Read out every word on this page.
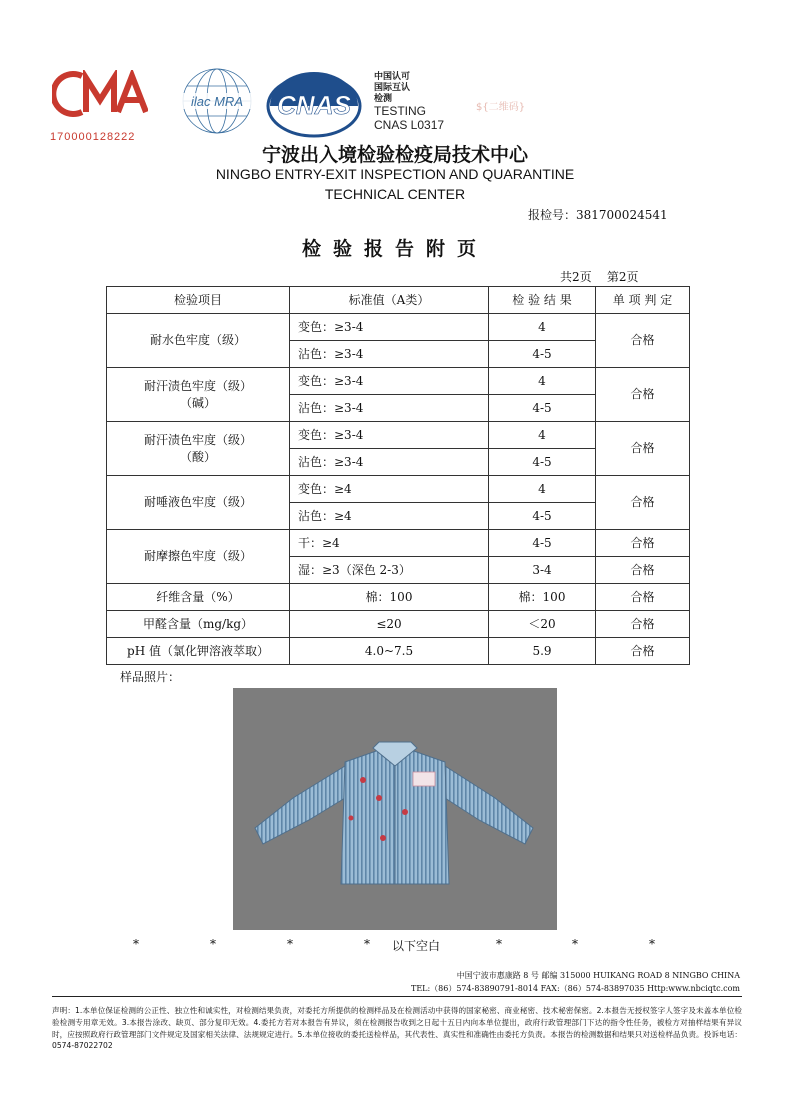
170000128222
ilac MRA CNAS
中国认可
国际互认
检测
TESTING
CNAS L0317
${二维码}
宁波出入境检验检疫局技术中心
NINGBO ENTRY-EXIT INSPECTION AND QUARANTINE
TECHNICAL CENTER
报检号：381700024541
检验报告附页
共2页    第2页
检验项目	标准值（A类）	检 验 结 果	单 项 判 定
耐水色牢度（级）	变色：≥3-4	4	合格
	沾色：≥3-4	4-5	
耐汗渍色牢度（级）
（碱）	变色：≥3-4	4	合格
	沾色：≥3-4	4-5	
耐汗渍色牢度（级）
（酸）	变色：≥3-4	4	合格
	沾色：≥3-4	4-5	
耐唾液色牢度（级）	变色：≥4	4	合格
	沾色：≥4	4-5	
耐摩擦色牢度（级）	干：≥4	4-5	合格
	湿：≥3（深色 2-3）	3-4	合格
纤维含量（%）	棉：100	棉：100	合格
甲醛含量（mg/kg）	≤20	＜20	合格
pH 值（氯化钾溶液萃取）	4.0~7.5	5.9	合格
样品照片：
*	*	*	* 以下空白	*	*	*
中国宁波市惠康路 8 号 邮编 315000 HUIKANG ROAD 8 NINGBO CHINA
TEL:（86）574-83890791-8014 FAX:（86）574-83897035 Http:www.nbciqtc.com
声明：1.本单位保证检测的公正性、独立性和诚实性，对检测结果负责，对委托方所提供的检测样品及在检测活动中获得的国家秘密、商业秘密、技术秘密保密。2.本报告无授权签字人签字及未盖本单位检验检测专用章无效。3.本报告涂改、缺页、部分复印无效。4.委托方若对本报告有异议，须在检测报告收到之日起十五日内向本单位提出，政府行政管理部门下达的指令性任务，被检方对抽样结果有异议时，应按照政府行政管理部门文件规定及国家相关法律、法规规定进行。5.本单位接收的委托送检样品，其代表性、真实性和准确性由委托方负责。本报告的检测数据和结果只对送检样品负责。投诉电话：0574-87022702
